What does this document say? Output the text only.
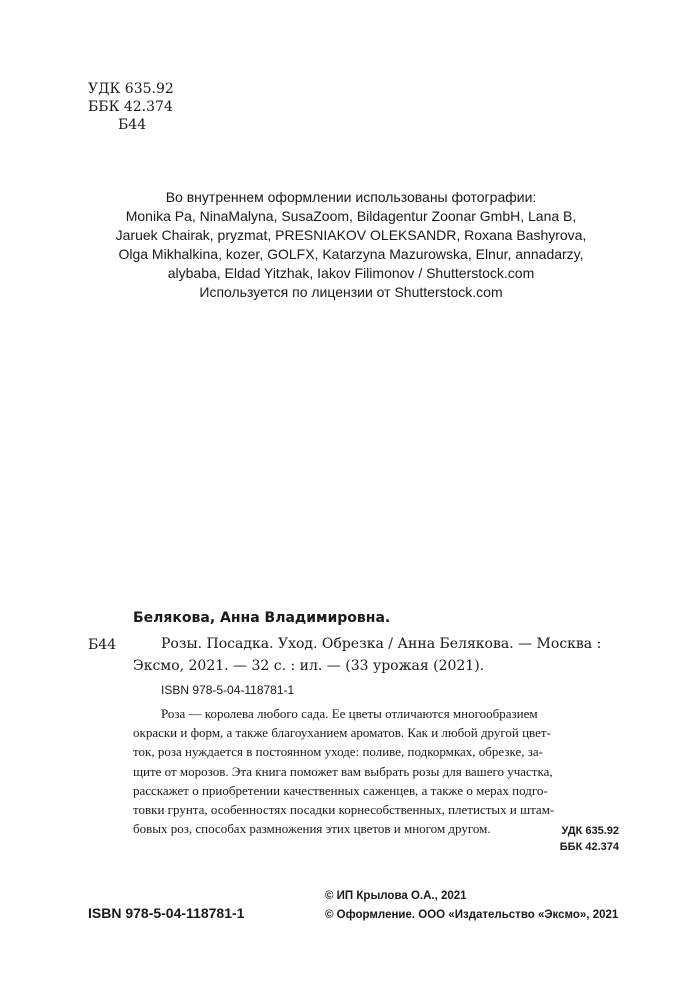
УДК 635.92
ББК 42.374
Б44
Во внутреннем оформлении использованы фотографии:
Monika Pa, NinaMalyna, SusaZoom, Bildagentur Zoonar GmbH, Lana B,
Jaruek Chairak, pryzmat, PRESNIAKOV OLEKSANDR, Roxana Bashyrova,
Olga Mikhalkina, kozer, GOLFX, Katarzyna Mazurowska, Elnur, annadarzy,
alybaba, Eldad Yitzhak, Iakov Filimonov / Shutterstock.com
Используется по лицензии от Shutterstock.com
Белякова, Анна Владимировна.
Б44	Розы. Посадка. Уход. Обрезка / Анна Белякова. — Москва :
Эксмо, 2021. — 32 с. : ил. — (33 урожая (2021).
ISBN 978-5-04-118781-1
Роза — королева любого сада. Ее цветы отличаются многообразием
окраски и форм, а также благоуханием ароматов. Как и любой другой цвет-
ток, роза нуждается в постоянном уходе: поливе, подкормках, обрезке, за-
щите от морозов. Эта книга поможет вам выбрать розы для вашего участка,
расскажет о приобретении качественных саженцев, а также о мерах подго-
товки грунта, особенностях посадки корнесобственных, плетистых и штам-
бовых роз, способах размножения этих цветов и многом другом.	УДК 635.92
ББК 42.374
ISBN 978-5-04-118781-1
© ИП Крылова О.А., 2021
© Оформление. ООО «Издательство «Эксмо», 2021
